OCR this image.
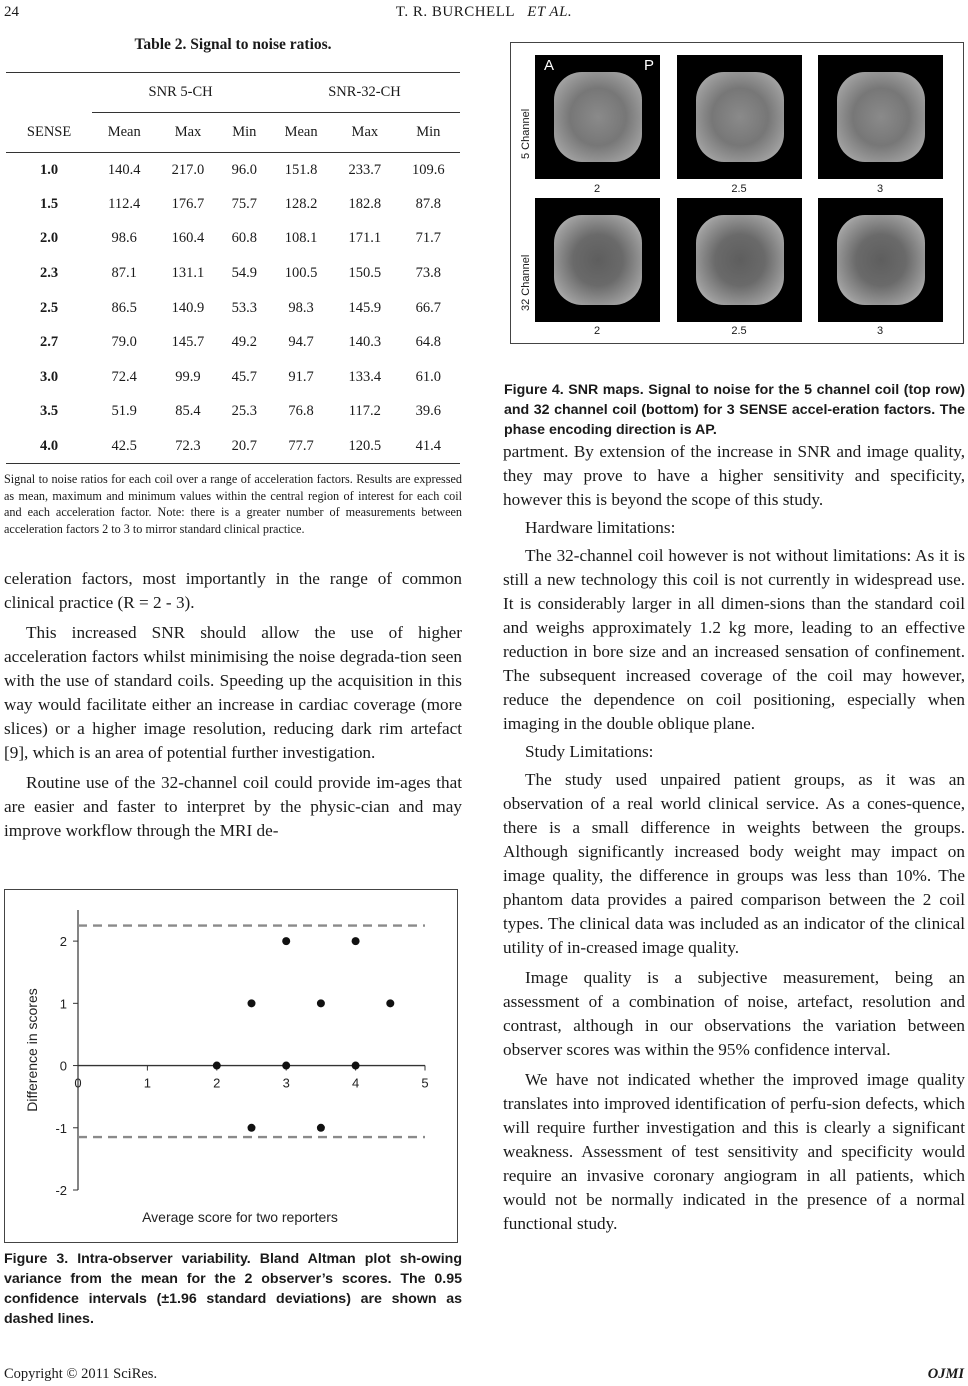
24	T. R. BURCHELL ET AL.
Table 2. Signal to noise ratios.
	SNR 5-CH			SNR-32-CH		
SENSE	Mean	Max	Min	Mean	Max	Min
1.0	140.4	217.0	96.0	151.8	233.7	109.6
1.5	112.4	176.7	75.7	128.2	182.8	87.8
2.0	98.6	160.4	60.8	108.1	171.1	71.7
2.3	87.1	131.1	54.9	100.5	150.5	73.8
2.5	86.5	140.9	53.3	98.3	145.9	66.7
2.7	79.0	145.7	49.2	94.7	140.3	64.8
3.0	72.4	99.9	45.7	91.7	133.4	61.0
3.5	51.9	85.4	25.3	76.8	117.2	39.6
4.0	42.5	72.3	20.7	77.7	120.5	41.4
Signal to noise ratios for each coil over a range of acceleration factors. Results are expressed as mean, maximum and minimum values within the central region of interest for each coil and each acceleration factor. Note: there is a greater number of measurements between acceleration factors 2 to 3 to mirror standard clinical practice.

celeration factors, most importantly in the range of common clinical practice (R = 2 - 3).

This increased SNR should allow the use of higher acceleration factors whilst minimising the noise degrada-tion seen with the use of standard coils. Speeding up the acquisition in this way would facilitate either an increase in cardiac coverage (more slices) or a higher image resolution, reducing dark rim artefact [9], which is an area of potential further investigation.

Routine use of the 32-channel coil could provide im-ages that are easier and faster to interpret by the physic-cian and may improve workflow through the MRI de-

2
1
0
-1
-2
0	1	2	3	4	5
Difference in scores
Average score for two reporters
Figure 3. Intra-observer variability. Bland Altman plot sh-owing variance from the mean for the 2 observer’s scores. The 0.95 confidence intervals (±1.96 standard deviations) are shown as dashed lines.
A	P
2	2.5	3
2	2.5	3
5 Channel
32 Channel
Figure 4. SNR maps. Signal to noise for the 5 channel coil (top row) and 32 channel coil (bottom) for 3 SENSE accel-eration factors. The phase encoding direction is AP.

partment. By extension of the increase in SNR and image quality, they may prove to have a higher sensitivity and specificity, however this is beyond the scope of this study.

Hardware limitations:

The 32-channel coil however is not without limitations: As it is still a new technology this coil is not currently in widespread use. It is considerably larger in all dimen-sions than the standard coil and weighs approximately 1.2 kg more, leading to an effective reduction in bore size and an increased sensation of confinement. The subsequent increased coverage of the coil may however, reduce the dependence on coil positioning, especially when imaging in the double oblique plane.

Study Limitations:

The study used unpaired patient groups, as it was an observation of a real world clinical service. As a cones-quence, there is a small difference in weights between the groups. Although significantly increased body weight may impact on image quality, the difference in groups was less than 10%. The phantom data provides a paired comparison between the 2 coil types. The clinical data was included as an indicator of the clinical utility of in-creased image quality.

Image quality is a subjective measurement, being an assessment of a combination of noise, artefact, resolution and contrast, although in our observations the variation between observer scores was within the 95% confidence interval.

We have not indicated whether the improved image quality translates into improved identification of perfu-sion defects, which will require further investigation and this is clearly a significant weakness. Assessment of test sensitivity and specificity would require an invasive coronary angiogram in all patients, which would not be normally indicated in the presence of a normal functional study.

Copyright © 2011 SciRes.	OJMI
